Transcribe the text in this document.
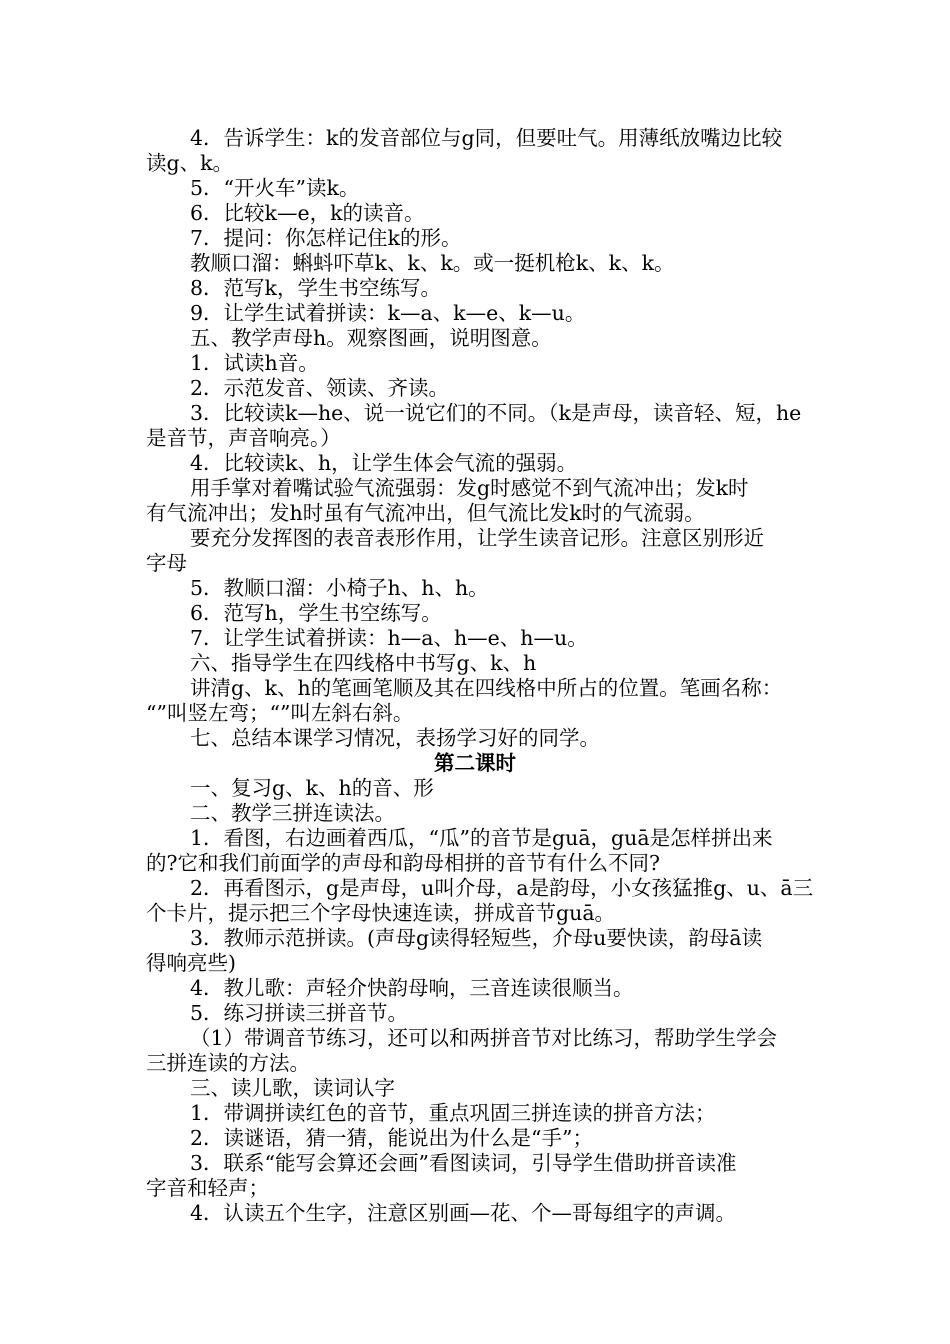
4．告诉学生：k的发音部位与g同，但要吐气。用薄纸放嘴边比较
读g、k。
5．“开火车”读k。
6．比较k—e，k的读音。
7．提问：你怎样记住k的形。
教顺口溜：蝌蚪吓草k、k、k。或一挺机枪k、k、k。
8．范写k，学生书空练写。
9．让学生试着拼读：k—a、k—e、k—u。
五、教学声母h。观察图画，说明图意。
1．试读h音。
2．示范发音、领读、齐读。
3．比较读k—he、说一说它们的不同。（k是声母，读音轻、短，he
是音节，声音响亮。）
4．比较读k、h，让学生体会气流的强弱。
用手掌对着嘴试验气流强弱：发g时感觉不到气流冲出；发k时
有气流冲出；发h时虽有气流冲出，但气流比发k时的气流弱。
要充分发挥图的表音表形作用，让学生读音记形。注意区别形近
字母
5．教顺口溜：小椅子h、h、h。
6．范写h，学生书空练写。
7．让学生试着拼读：h—a、h—e、h—u。
六、指导学生在四线格中书写g、k、h
讲清g、k、h的笔画笔顺及其在四线格中所占的位置。笔画名称：
“”叫竖左弯；“”叫左斜右斜。
七、总结本课学习情况，表扬学习好的同学。
第二课时
一、复习g、k、h的音、形
二、教学三拼连读法。
1．看图，右边画着西瓜，“瓜”的音节是guā，guā是怎样拼出来
的?它和我们前面学的声母和韵母相拼的音节有什么不同?
2．再看图示，g是声母，u叫介母，a是韵母，小女孩猛推g、u、ā三
个卡片，提示把三个字母快速连读，拼成音节guā。
3．教师示范拼读。(声母g读得轻短些，介母u要快读，韵母ā读
得响亮些)
4．教儿歌：声轻介快韵母响，三音连读很顺当。
5．练习拼读三拼音节。
（1）带调音节练习，还可以和两拼音节对比练习，帮助学生学会
三拼连读的方法。
三、读儿歌，读词认字
1．带调拼读红色的音节，重点巩固三拼连读的拼音方法；
2．读谜语，猜一猜，能说出为什么是“手”；
3．联系“能写会算还会画”看图读词，引导学生借助拼音读准
字音和轻声；
4．认读五个生字，注意区别画—花、个—哥每组字的声调。
